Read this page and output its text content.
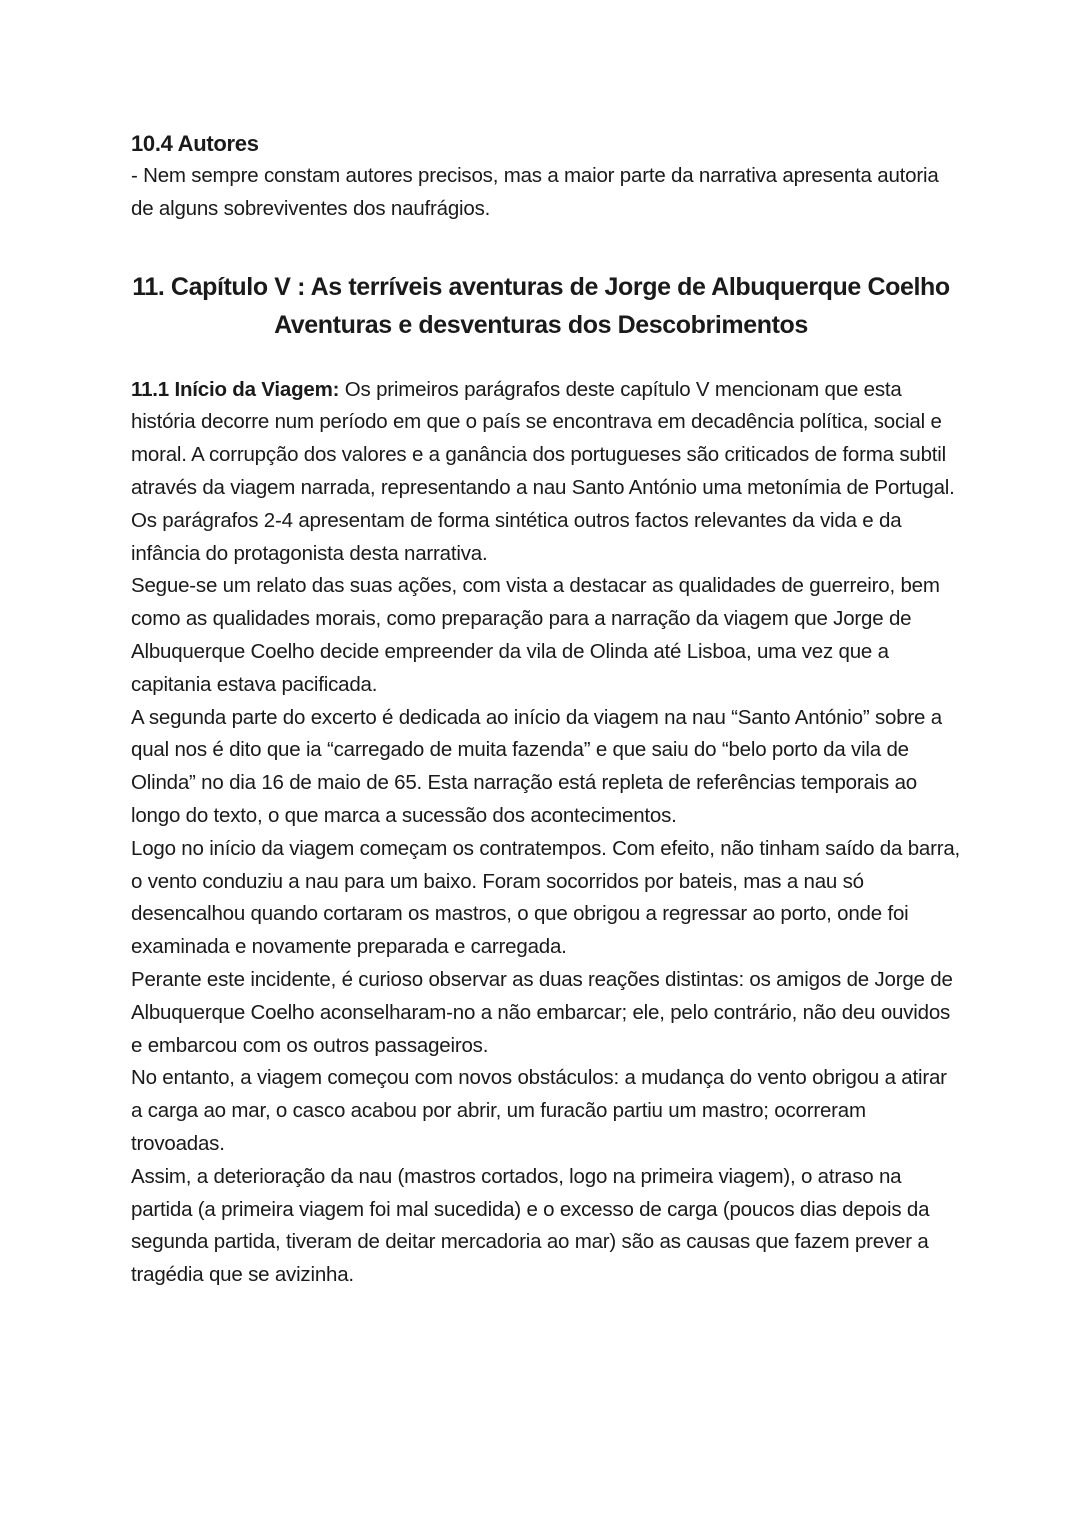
10.4 Autores

- Nem sempre constam autores precisos, mas a maior parte da narrativa apresenta autoria

de alguns sobreviventes dos naufrágios.

11. Capítulo V : As terríveis aventuras de Jorge de Albuquerque Coelho
Aventuras e desventuras dos Descobrimentos

11.1 Início da Viagem: Os primeiros parágrafos deste capítulo V mencionam que esta

história decorre num período em que o país se encontrava em decadência política, social e

moral. A corrupção dos valores e a ganância dos portugueses são criticados de forma subtil

através da viagem narrada, representando a nau Santo António uma metonímia de Portugal.

Os parágrafos 2-4 apresentam de forma sintética outros factos relevantes da vida e da

infância do protagonista desta narrativa.

Segue-se um relato das suas ações, com vista a destacar as qualidades de guerreiro, bem

como as qualidades morais, como preparação para a narração da viagem que Jorge de

Albuquerque Coelho decide empreender da vila de Olinda até Lisboa, uma vez que a

capitania estava pacificada.

A segunda parte do excerto é dedicada ao início da viagem na nau “Santo António” sobre a

qual nos é dito que ia “carregado de muita fazenda” e que saiu do “belo porto da vila de

Olinda” no dia 16 de maio de 65. Esta narração está repleta de referências temporais ao

longo do texto, o que marca a sucessão dos acontecimentos.

Logo no início da viagem começam os contratempos. Com efeito, não tinham saído da barra,

o vento conduziu a nau para um baixo. Foram socorridos por bateis, mas a nau só

desencalhou quando cortaram os mastros, o que obrigou a regressar ao porto, onde foi

examinada e novamente preparada e carregada.

Perante este incidente, é curioso observar as duas reações distintas: os amigos de Jorge de

Albuquerque Coelho aconselharam-no a não embarcar; ele, pelo contrário, não deu ouvidos

e embarcou com os outros passageiros.

No entanto, a viagem começou com novos obstáculos: a mudança do vento obrigou a atirar

a carga ao mar, o casco acabou por abrir, um furacão partiu um mastro; ocorreram

trovoadas.

Assim, a deterioração da nau (mastros cortados, logo na primeira viagem), o atraso na

partida (a primeira viagem foi mal sucedida) e o excesso de carga (poucos dias depois da

segunda partida, tiveram de deitar mercadoria ao mar) são as causas que fazem prever a

tragédia que se avizinha.
